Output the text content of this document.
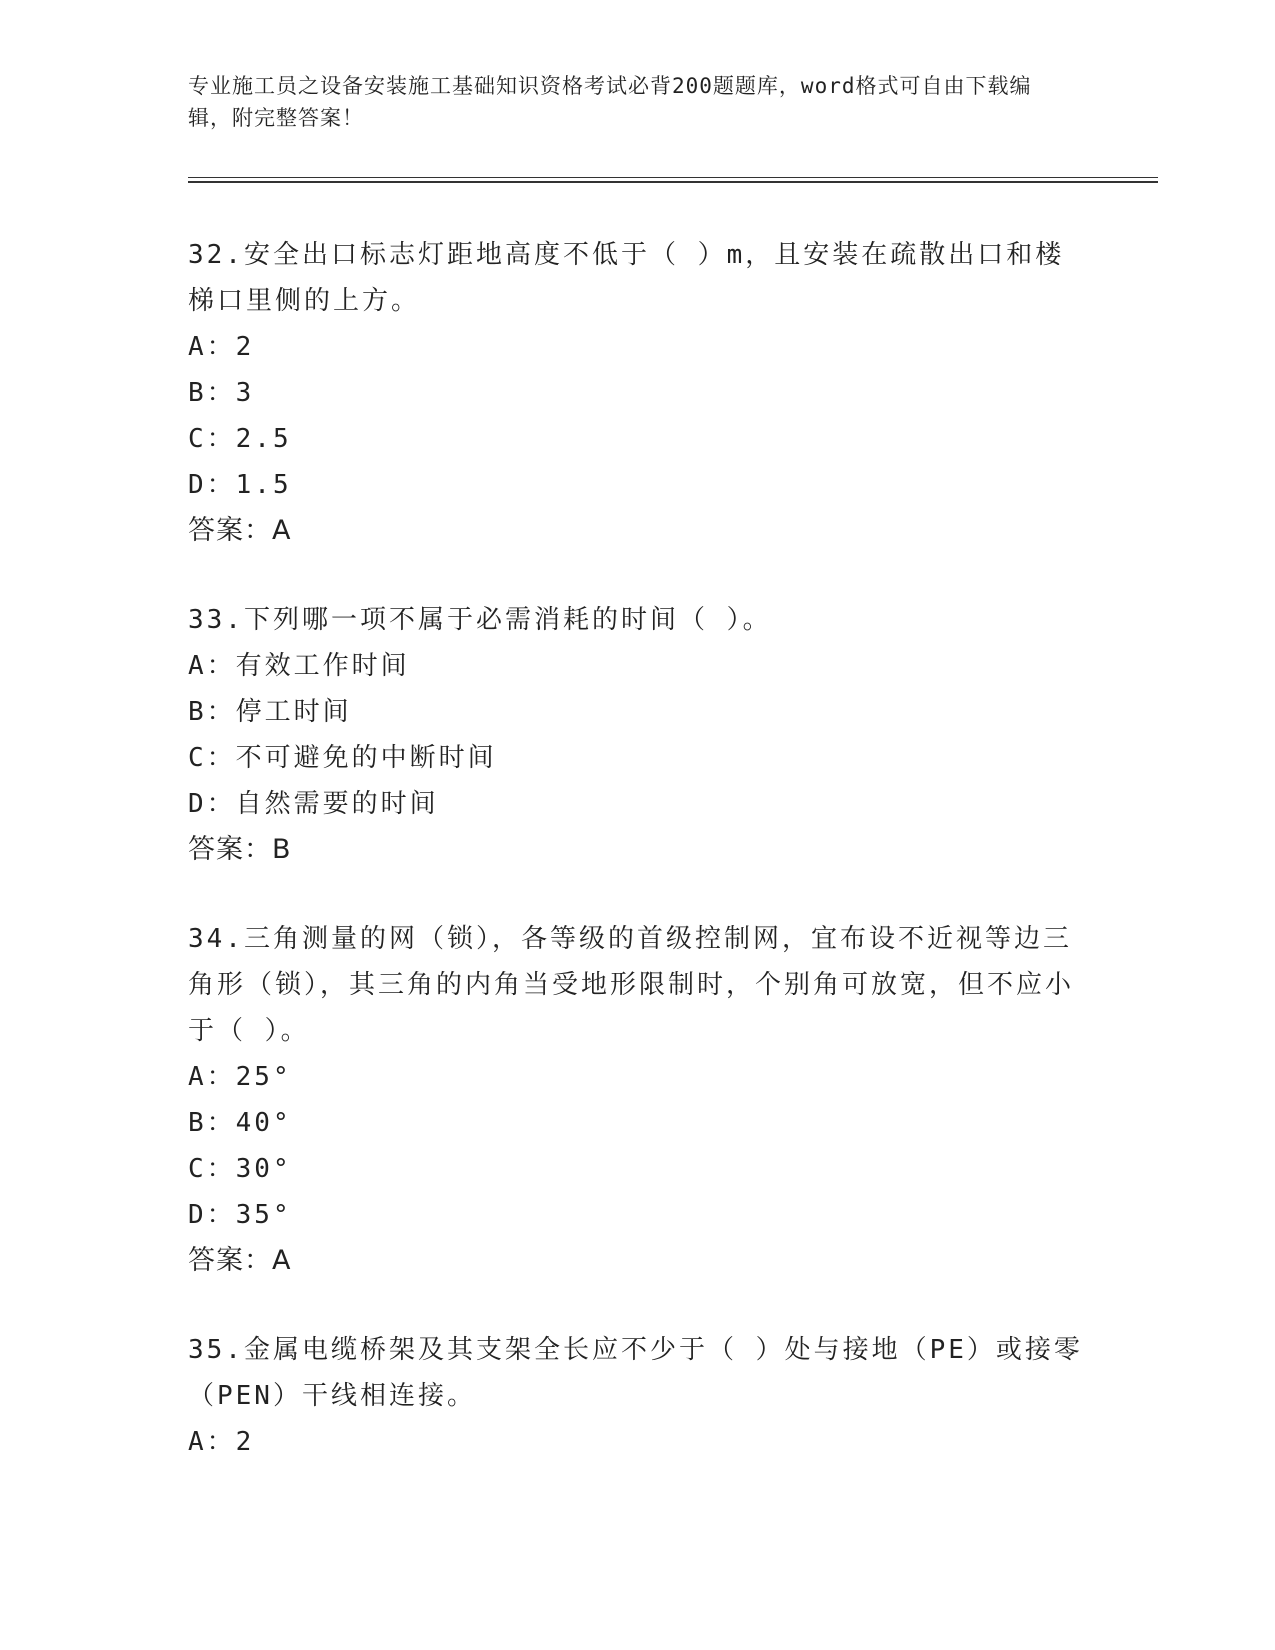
专业施工员之设备安装施工基础知识资格考试必背200题题库，word格式可自由下载编辑，附完整答案！

32.安全出口标志灯距地高度不低于（ ）m，且安装在疏散出口和楼梯口里侧的上方。

A：2

B：3

C：2.5

D：1.5

答案：A

33.下列哪一项不属于必需消耗的时间（ ）。

A：有效工作时间

B：停工时间

C：不可避免的中断时间

D：自然需要的时间

答案：B

34.三角测量的网（锁），各等级的首级控制网，宜布设不近视等边三角形（锁），其三角的内角当受地形限制时，个别角可放宽，但不应小于（ ）。

A：25°

B：40°

C：30°

D：35°

答案：A

35.金属电缆桥架及其支架全长应不少于（ ）处与接地（PE）或接零（PEN）干线相连接。

A：2
